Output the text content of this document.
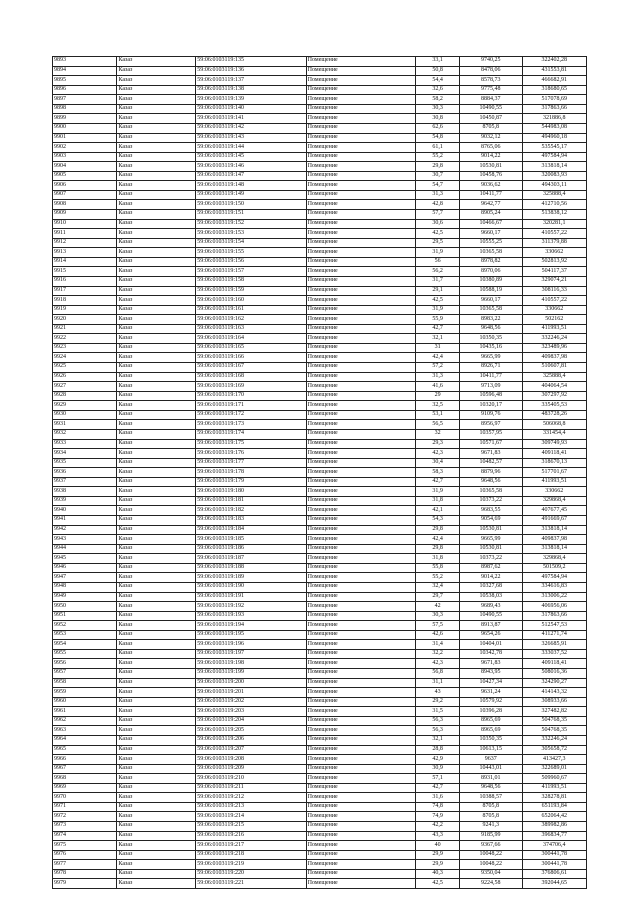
9893	Казаз	59:06:0103119:135	Помещение	33,1	9740,25	322402,28
9894	Казаз	59:06:0103119:136	Помещение	50,8	8478,06	431553,81
9895	Казаз	59:06:0103119:137	Помещение	54,4	8578,73	466682,91
9896	Казаз	59:06:0103119:138	Помещение	32,6	9775,48	318680,65
9897	Казаз	59:06:0103119:139	Помещение	58,2	8884,37	517078,69
9898	Казаз	59:06:0103119:140	Помещение	30,3	10490,55	317863,66
9899	Казаз	59:06:0103119:141	Помещение	30,8	10450,87	321886,8
9900	Казаз	59:06:0103119:142	Помещение	62,6	8705,8	544983,08
9901	Казаз	59:06:0103119:143	Помещение	54,8	9032,12	494960,18
9902	Казаз	59:06:0103119:144	Помещение	61,1	8765,06	535545,17
9903	Казаз	59:06:0103119:145	Помещение	55,2	9014,22	497584,94
9904	Казаз	59:06:0103119:146	Помещение	29,8	10530,81	313818,14
9905	Казаз	59:06:0103119:147	Помещение	30,7	10458,76	320083,93
9906	Казаз	59:06:0103119:148	Помещение	54,7	9036,62	494303,11
9907	Казаз	59:06:0103119:149	Помещение	31,3	10411,77	325888,4
9908	Казаз	59:06:0103119:150	Помещение	42,8	9642,77	412710,56
9909	Казаз	59:06:0103119:151	Помещение	57,7	8905,24	513838,12
9910	Казаз	59:06:0103119:152	Помещение	30,6	10466,67	320281,1
9911	Казаз	59:06:0103119:153	Помещение	42,5	9660,17	410557,22
9912	Казаз	59:06:0103119:154	Помещение	29,5	10555,25	311379,88
9913	Казаз	59:06:0103119:155	Помещение	31,9	10365,58	330662
9914	Казаз	59:06:0103119:156	Помещение	56	8978,82	502813,92
9915	Казаз	59:06:0103119:157	Помещение	56,2	8970,06	504117,37
9916	Казаз	59:06:0103119:158	Помещение	31,7	10380,89	329074,21
9917	Казаз	59:06:0103119:159	Помещение	29,1	10588,19	308116,33
9918	Казаз	59:06:0103119:160	Помещение	42,5	9660,17	410557,22
9919	Казаз	59:06:0103119:161	Помещение	31,9	10365,58	330662
9920	Казаз	59:06:0103119:162	Помещение	55,9	8983,22	502162
9921	Казаз	59:06:0103119:163	Помещение	42,7	9648,56	411993,51
9922	Казаз	59:06:0103119:164	Помещение	32,1	10350,35	332246,24
9923	Казаз	59:06:0103119:165	Помещение	31	10435,16	323489,96
9924	Казаз	59:06:0103119:166	Помещение	42,4	9665,99	409837,98
9925	Казаз	59:06:0103119:167	Помещение	57,2	8926,71	510607,81
9926	Казаз	59:06:0103119:168	Помещение	31,3	10411,77	325888,4
9927	Казаз	59:06:0103119:169	Помещение	41,6	9713,09	404064,54
9928	Казаз	59:06:0103119:170	Помещение	29	10596,48	307297,92
9929	Казаз	59:06:0103119:171	Помещение	32,5	10320,17	335405,53
9930	Казаз	59:06:0103119:172	Помещение	53,1	9109,76	483728,26
9931	Казаз	59:06:0103119:173	Помещение	56,5	8956,97	506068,8
9932	Казаз	59:06:0103119:174	Помещение	32	10357,95	331454,4
9933	Казаз	59:06:0103119:175	Помещение	29,3	10571,67	309749,93
9934	Казаз	59:06:0103119:176	Помещение	42,3	9671,83	409118,41
9935	Казаз	59:06:0103119:177	Помещение	30,4	10482,57	318670,13
9936	Казаз	59:06:0103119:178	Помещение	58,3	8879,96	517701,67
9937	Казаз	59:06:0103119:179	Помещение	42,7	9648,56	411993,51
9938	Казаз	59:06:0103119:180	Помещение	31,9	10365,58	330662
9939	Казаз	59:06:0103119:181	Помещение	31,8	10373,22	329868,4
9940	Казаз	59:06:0103119:182	Помещение	42,1	9683,55	407677,45
9941	Казаз	59:06:0103119:183	Помещение	54,3	9054,69	491669,67
9942	Казаз	59:06:0103119:184	Помещение	29,8	10530,81	313818,14
9943	Казаз	59:06:0103119:185	Помещение	42,4	9665,99	409837,98
9944	Казаз	59:06:0103119:186	Помещение	29,8	10530,81	313818,14
9945	Казаз	59:06:0103119:187	Помещение	31,8	10373,22	329868,4
9946	Казаз	59:06:0103119:188	Помещение	55,8	8987,62	501509,2
9947	Казаз	59:06:0103119:189	Помещение	55,2	9014,22	497584,94
9948	Казаз	59:06:0103119:190	Помещение	32,4	10327,68	334616,83
9949	Казаз	59:06:0103119:191	Помещение	29,7	10538,03	313006,22
9950	Казаз	59:06:0103119:192	Помещение	42	9689,43	406956,06
9951	Казаз	59:06:0103119:193	Помещение	30,3	10490,55	317863,66
9952	Казаз	59:06:0103119:194	Помещение	57,5	8913,87	512547,53
9953	Казаз	59:06:0103119:195	Помещение	42,6	9654,26	411271,74
9954	Казаз	59:06:0103119:196	Помещение	31,4	10404,01	326685,91
9955	Казаз	59:06:0103119:197	Помещение	32,2	10342,78	333037,52
9956	Казаз	59:06:0103119:198	Помещение	42,3	9671,83	409118,41
9957	Казаз	59:06:0103119:199	Помещение	56,8	8943,95	508016,36
9958	Казаз	59:06:0103119:200	Помещение	31,1	10427,34	324290,27
9959	Казаз	59:06:0103119:201	Помещение	43	9631,24	414143,32
9960	Казаз	59:06:0103119:202	Помещение	29,2	10579,92	308933,66
9961	Казаз	59:06:0103119:203	Помещение	31,5	10396,28	327482,82
9962	Казаз	59:06:0103119:204	Помещение	56,3	8965,69	504768,35
9963	Казаз	59:06:0103119:205	Помещение	56,3	8965,69	504768,35
9964	Казаз	59:06:0103119:206	Помещение	32,1	10350,35	332246,24
9965	Казаз	59:06:0103119:207	Помещение	28,8	10613,15	305658,72
9966	Казаз	59:06:0103119:208	Помещение	42,9	9637	413427,3
9967	Казаз	59:06:0103119:209	Помещение	30,9	10443,01	322689,01
9968	Казаз	59:06:0103119:210	Помещение	57,1	8931,01	509960,67
9969	Казаз	59:06:0103119:211	Помещение	42,7	9648,56	411993,51
9970	Казаз	59:06:0103119:212	Помещение	31,6	10388,57	328278,81
9971	Казаз	59:06:0103119:213	Помещение	74,8	8705,8	651193,84
9972	Казаз	59:06:0103119:214	Помещение	74,9	8705,8	652064,42
9973	Казаз	59:06:0103119:215	Помещение	42,2	9241,3	389982,86
9974	Казаз	59:06:0103119:216	Помещение	43,3	9185,99	396834,77
9975	Казаз	59:06:0103119:217	Помещение	40	9367,66	374706,4
9976	Казаз	59:06:0103119:218	Помещение	29,9	10048,22	300441,78
9977	Казаз	59:06:0103119:219	Помещение	29,9	10048,22	300441,78
9978	Казаз	59:06:0103119:220	Помещение	40,3	9350,04	376806,61
9979	Казаз	59:06:0103119:221	Помещение	42,5	9224,58	392044,65
